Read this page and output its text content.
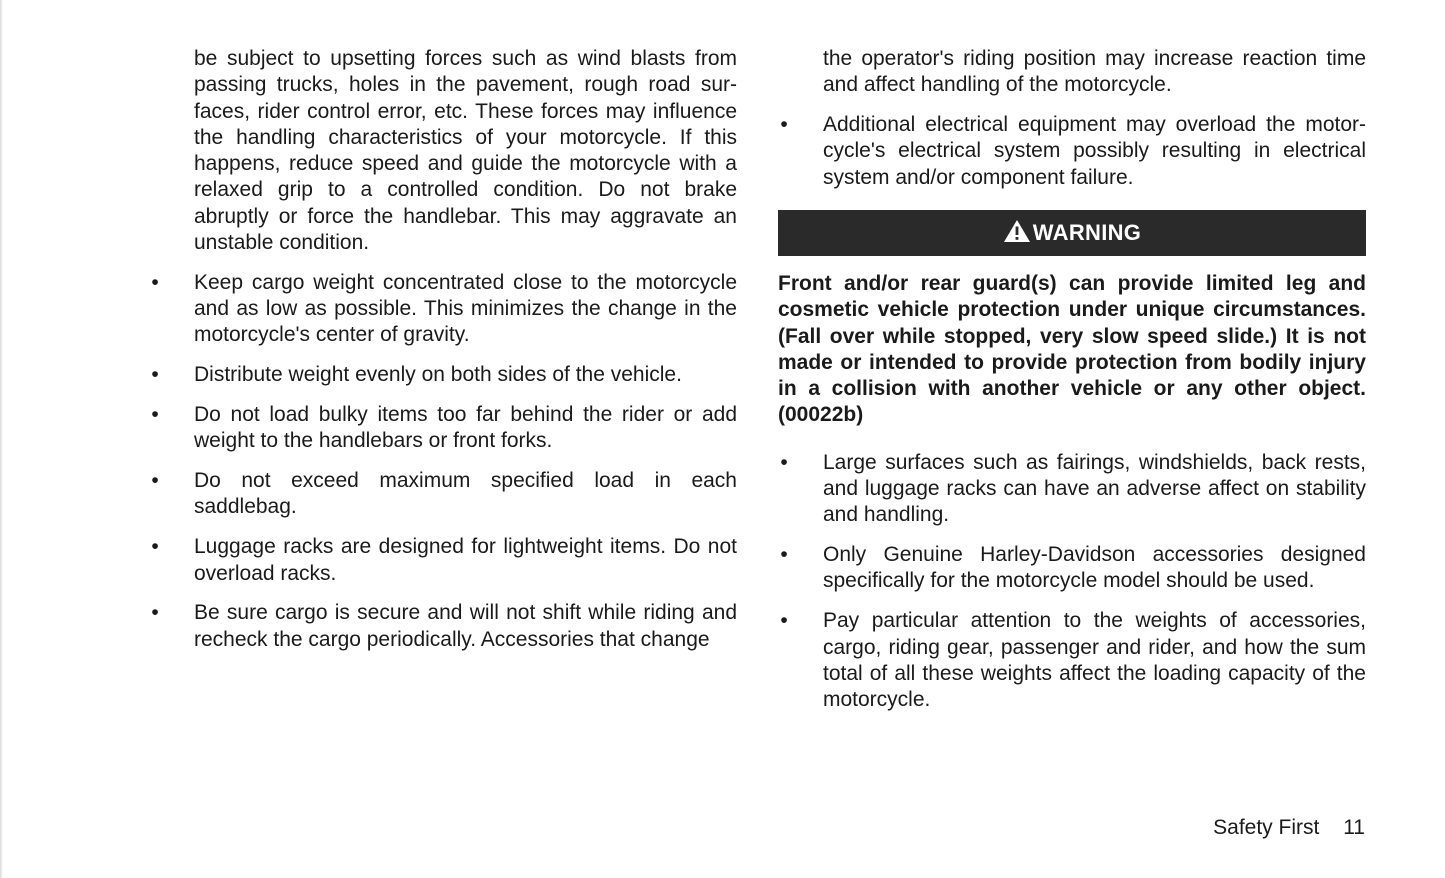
be subject to upsetting forces such as wind blasts from passing trucks, holes in the pavement, rough road sur-faces, rider control error, etc. These forces may influence the handling characteristics of your motorcycle. If this happens, reduce speed and guide the motorcycle with a relaxed grip to a controlled condition. Do not brake abruptly or force the handlebar. This may aggravate an unstable condition.

• Keep cargo weight concentrated close to the motorcycle and as low as possible. This minimizes the change in the motorcycle's center of gravity.
• Distribute weight evenly on both sides of the vehicle.
• Do not load bulky items too far behind the rider or add weight to the handlebars or front forks.
• Do not exceed maximum specified load in each saddlebag.
• Luggage racks are designed for lightweight items. Do not overload racks.
• Be sure cargo is secure and will not shift while riding and recheck the cargo periodically. Accessories that change

the operator's riding position may increase reaction time and affect handling of the motorcycle.

• Additional electrical equipment may overload the motor-cycle's electrical system possibly resulting in electrical system and/or component failure.
WARNING

Front and/or rear guard(s) can provide limited leg and cosmetic vehicle protection under unique circumstances. (Fall over while stopped, very slow speed slide.) It is not made or intended to provide protection from bodily injury in a collision with another vehicle or any other object. (00022b)

• Large surfaces such as fairings, windshields, back rests, and luggage racks can have an adverse affect on stability and handling.
• Only Genuine Harley-Davidson accessories designed specifically for the motorcycle model should be used.
• Pay particular attention to the weights of accessories, cargo, riding gear, passenger and rider, and how the sum total of all these weights affect the loading capacity of the motorcycle.
Safety First 11
